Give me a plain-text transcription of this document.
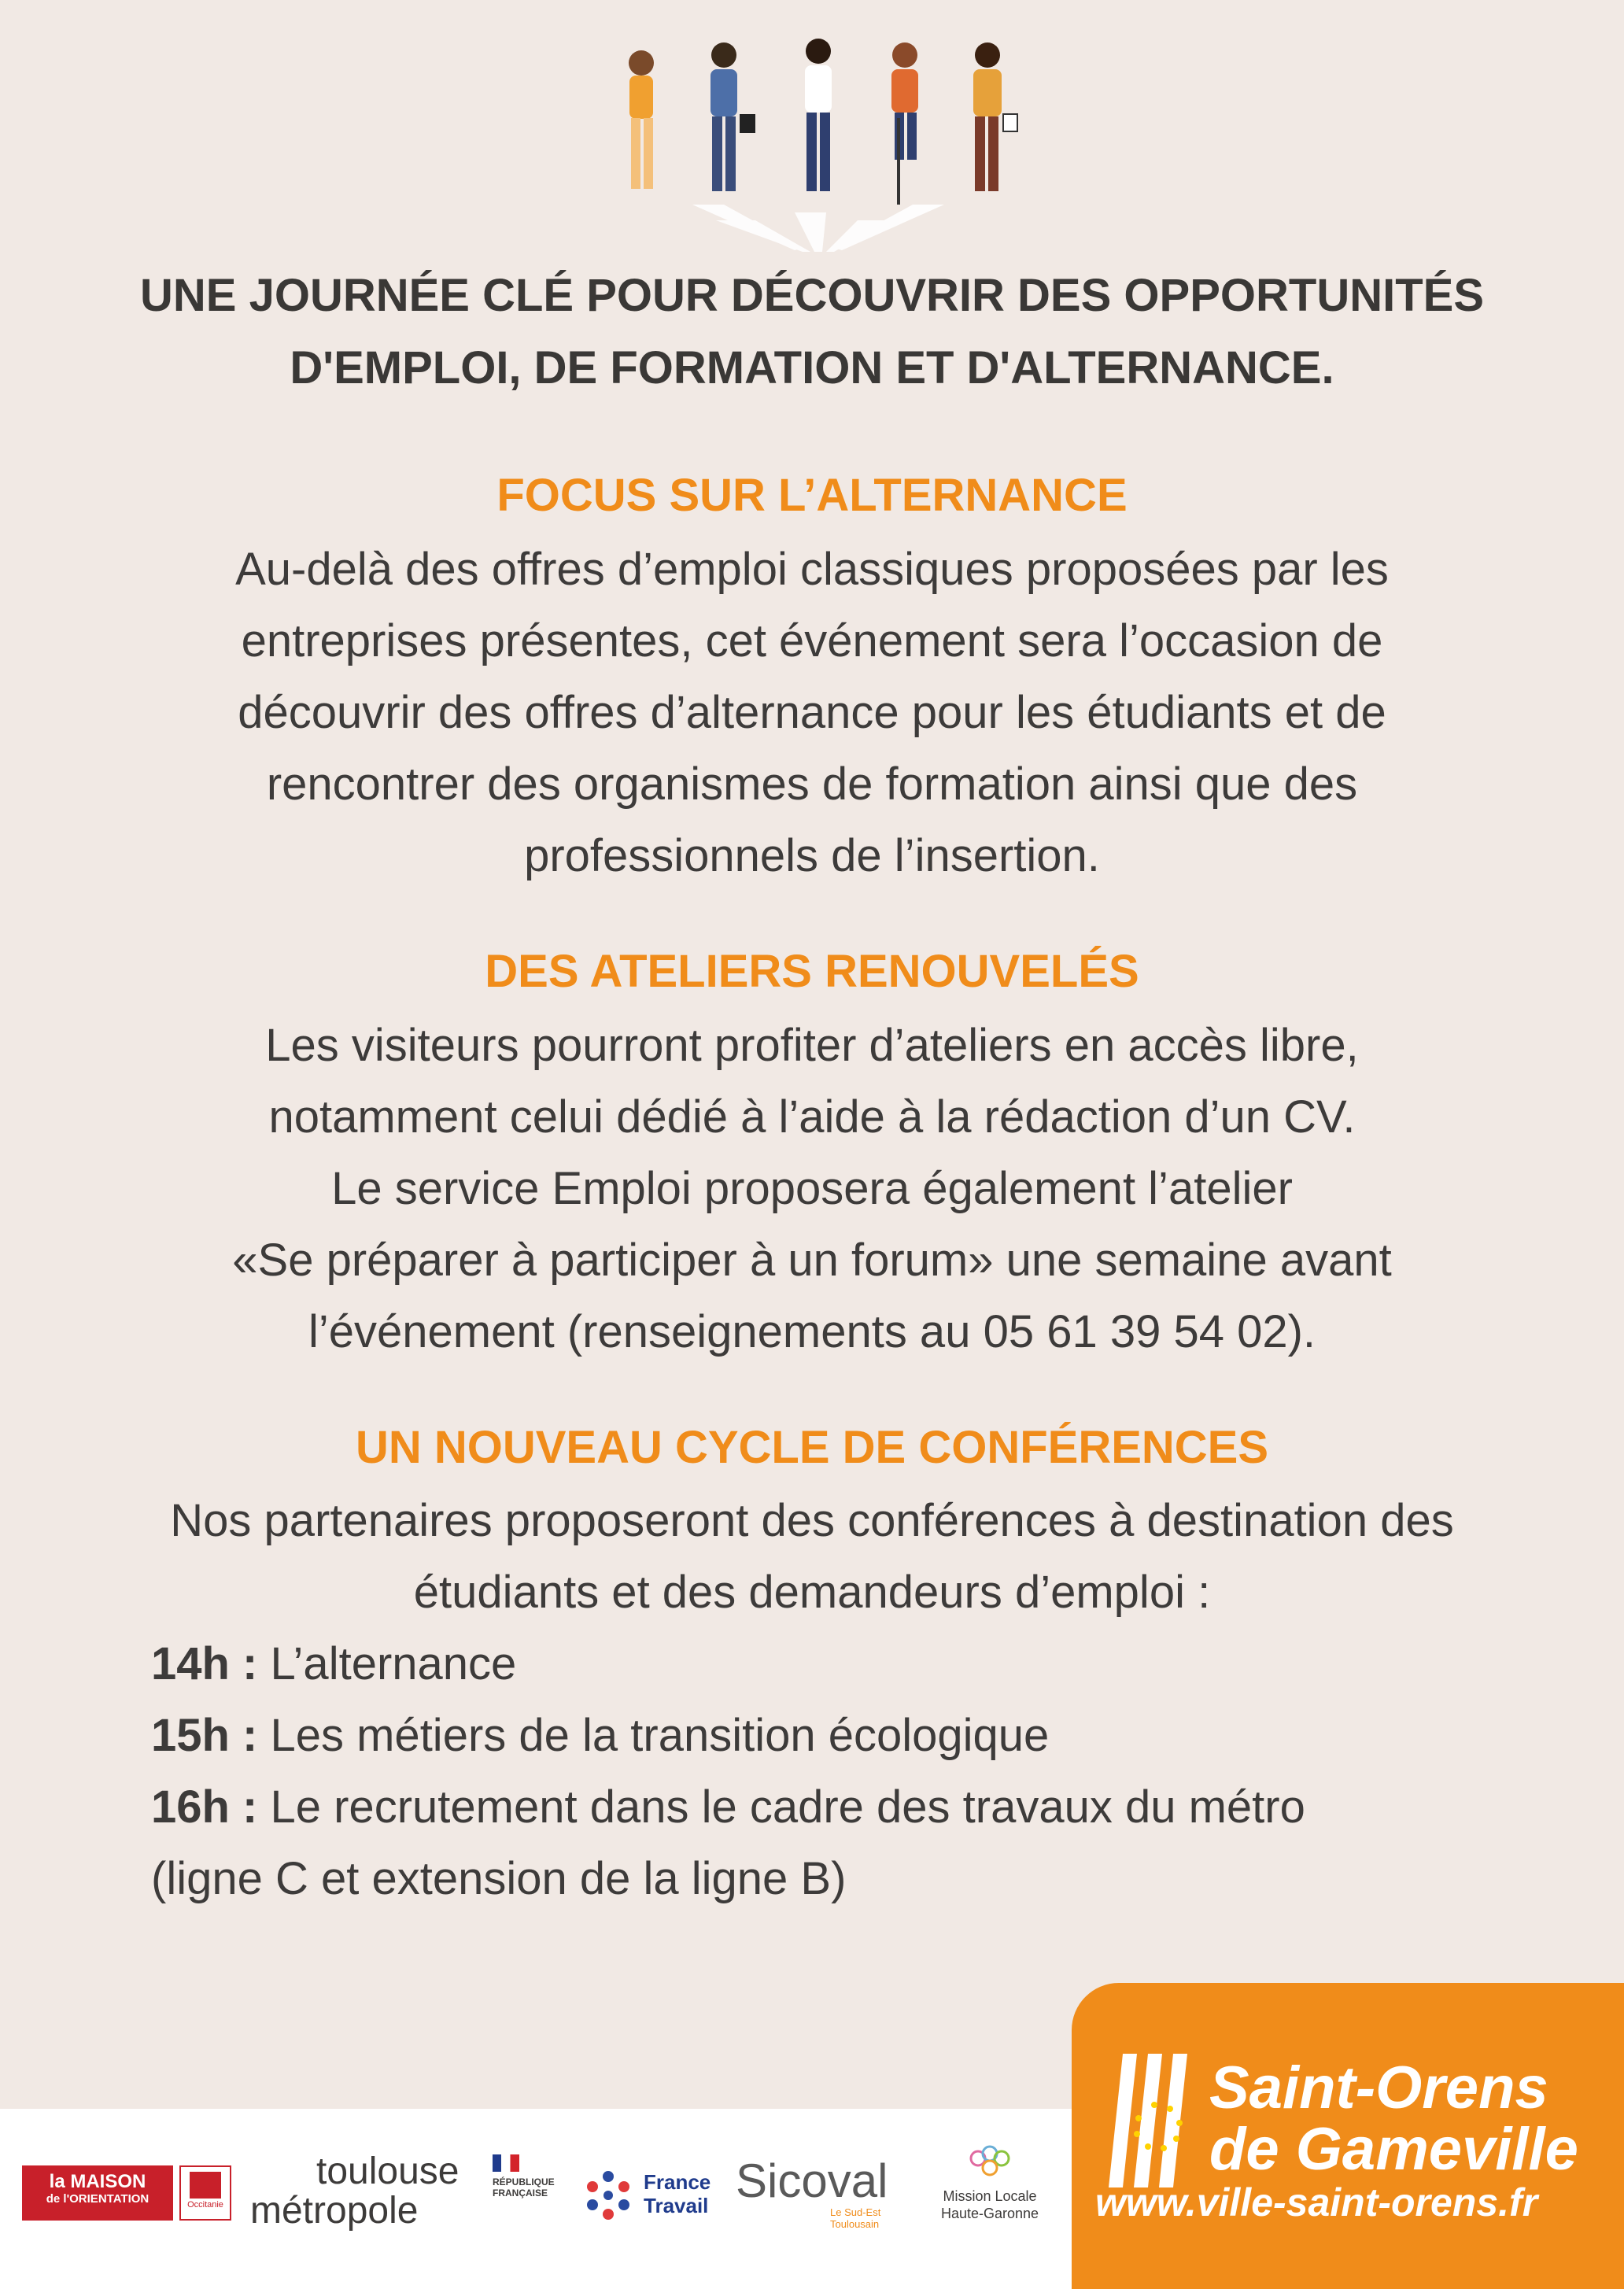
UNE JOURNÉE CLÉ POUR DÉCOUVRIR DES OPPORTUNITÉS
D'EMPLOI, DE FORMATION ET D'ALTERNANCE.
FOCUS SUR L’ALTERNANCE
Au-delà des offres d’emploi classiques proposées par les
entreprises présentes, cet événement sera l’occasion de
découvrir des offres d’alternance pour les étudiants et de
rencontrer des organismes de formation ainsi que des
professionnels de l’insertion.
DES ATELIERS RENOUVELÉS
Les visiteurs pourront profiter d’ateliers en accès libre,
notamment celui dédié à l’aide à la rédaction d’un CV.
Le service Emploi proposera également l’atelier
«Se préparer à participer à un forum» une semaine avant
l’événement (renseignements au 05 61 39 54 02).
UN NOUVEAU CYCLE DE CONFÉRENCES
Nos partenaires proposeront des conférences à destination des
étudiants et des demandeurs d’emploi :
14h : L’alternance
15h : Les métiers de la transition écologique
16h : Le recrutement dans le cadre des travaux du métro
(ligne C et extension de la ligne B)
la MAISON
de l'ORIENTATION	Occitanie
toulouse
métropole
RÉPUBLIQUE
FRANÇAISE	France
Travail Sicoval
Le Sud-Est Toulousain
Mission Locale
Haute-Garonne
Saint-Orens
de Gameville
www.ville-saint-orens.fr
